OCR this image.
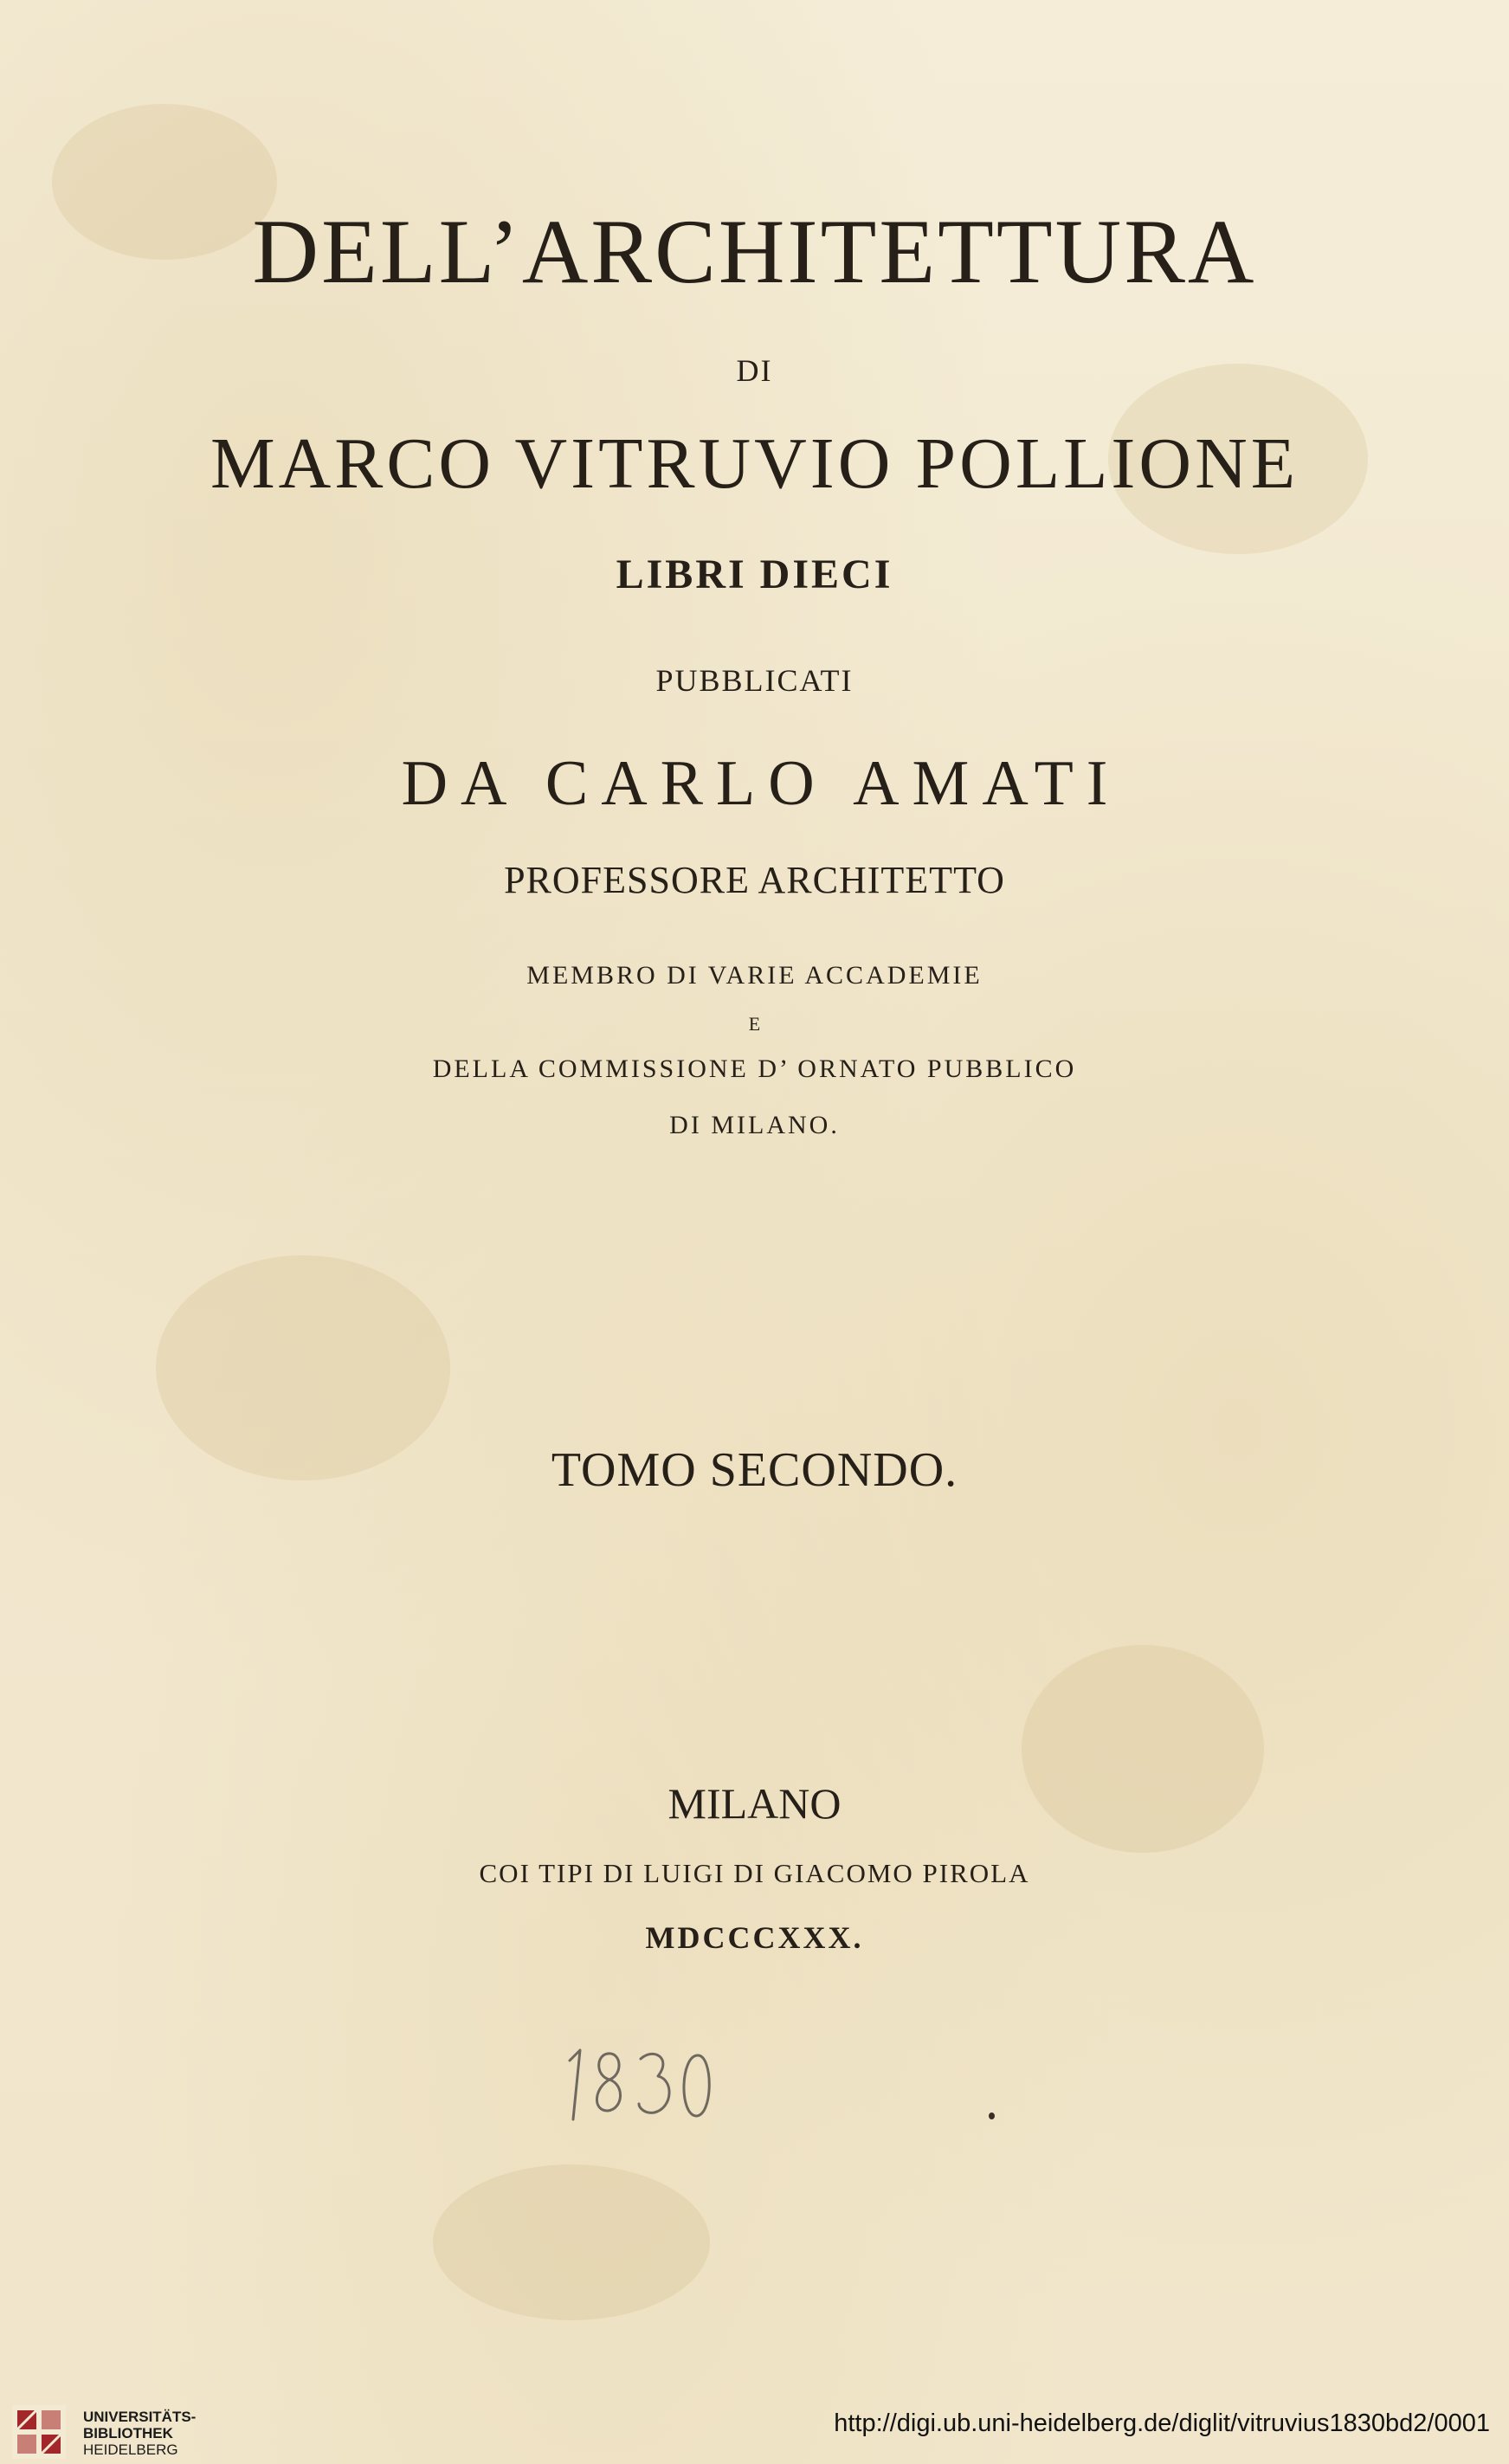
DELL’ARCHITETTURA
DI
MARCO VITRUVIO POLLIONE
LIBRI DIECI
PUBBLICATI
DA CARLO AMATI
PROFESSORE ARCHITETTO
MEMBRO DI VARIE ACCADEMIE
E
DELLA COMMISSIONE D’ ORNATO PUBBLICO
DI MILANO.
TOMO SECONDO.
MILANO
COI TIPI DI LUIGI DI GIACOMO PIROLA
MDCCCXXX.
UNIVERSITÄTS-
BIBLIOTHEK
HEIDELBERG
http://digi.ub.uni-heidelberg.de/diglit/vitruvius1830bd2/0001
